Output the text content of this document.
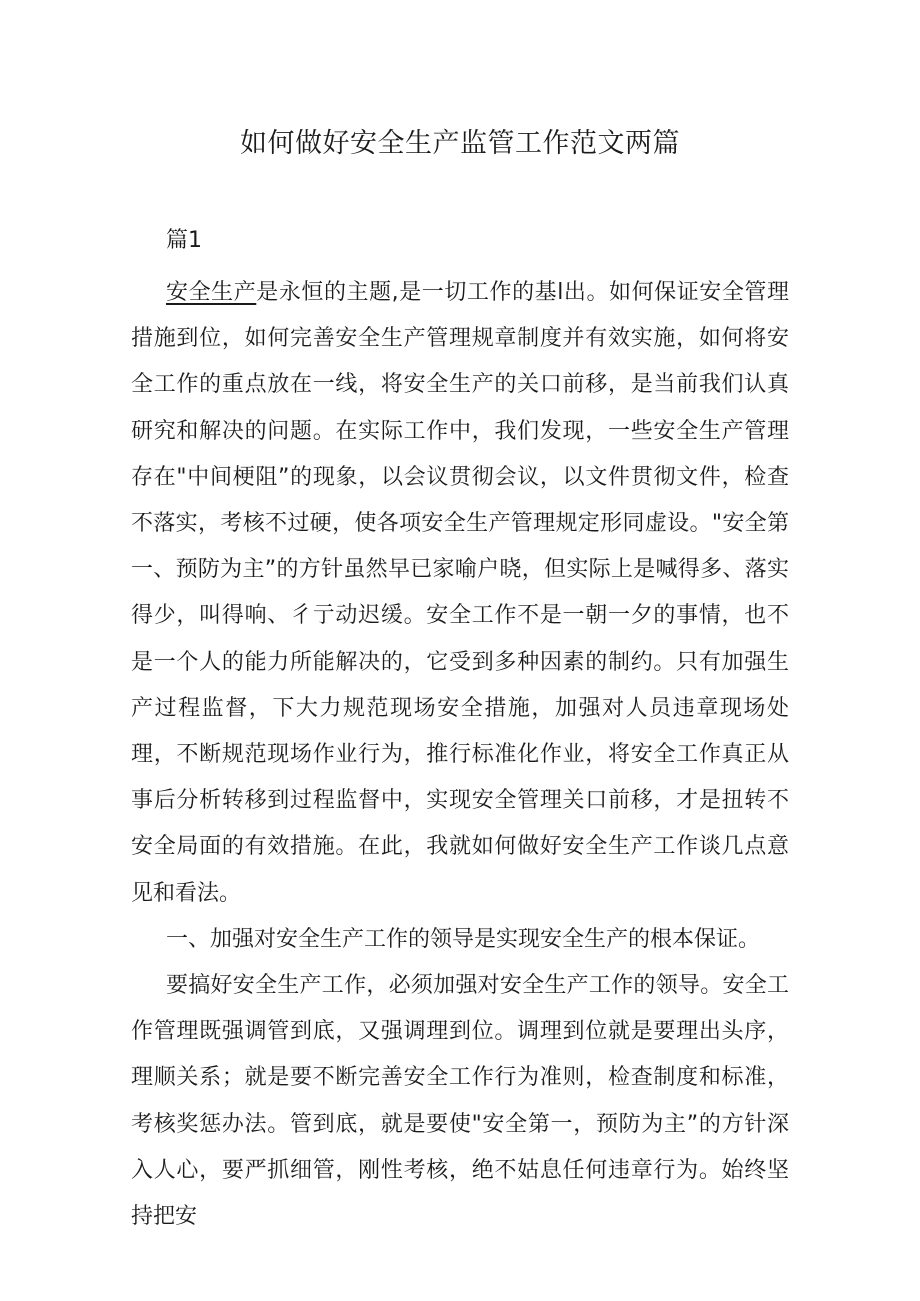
如何做好安全生产监管工作范文两篇

篇1

安全生产是永恒的主题,是一切工作的基l出。如何保证安全管理措施到位，如何完善安全生产管理规章制度并有效实施，如何将安全工作的重点放在一线，将安全生产的关口前移，是当前我们认真研究和解决的问题。在实际工作中，我们发现，一些安全生产管理存在"中间梗阻”的现象，以会议贯彻会议，以文件贯彻文件，检查不落实，考核不过硬，使各项安全生产管理规定形同虚设。"安全第一、预防为主”的方针虽然早已家喻户晓，但实际上是喊得多、落实得少，叫得响、彳亍动迟缓。安全工作不是一朝一夕的事情，也不是一个人的能力所能解决的，它受到多种因素的制约。只有加强生产过程监督，下大力规范现场安全措施，加强对人员违章现场处理，不断规范现场作业行为，推行标准化作业，将安全工作真正从事后分析转移到过程监督中，实现安全管理关口前移，才是扭转不安全局面的有效措施。在此，我就如何做好安全生产工作谈几点意见和看法。

一、加强对安全生产工作的领导是实现安全生产的根本保证。

要搞好安全生产工作，必须加强对安全生产工作的领导。安全工作管理既强调管到底，又强调理到位。调理到位就是要理出头序，理顺关系；就是要不断完善安全工作行为准则，检查制度和标准，考核奖惩办法。管到底，就是要使"安全第一，预防为主”的方针深入人心，要严抓细管，刚性考核，绝不姑息任何违章行为。始终坚持把安
